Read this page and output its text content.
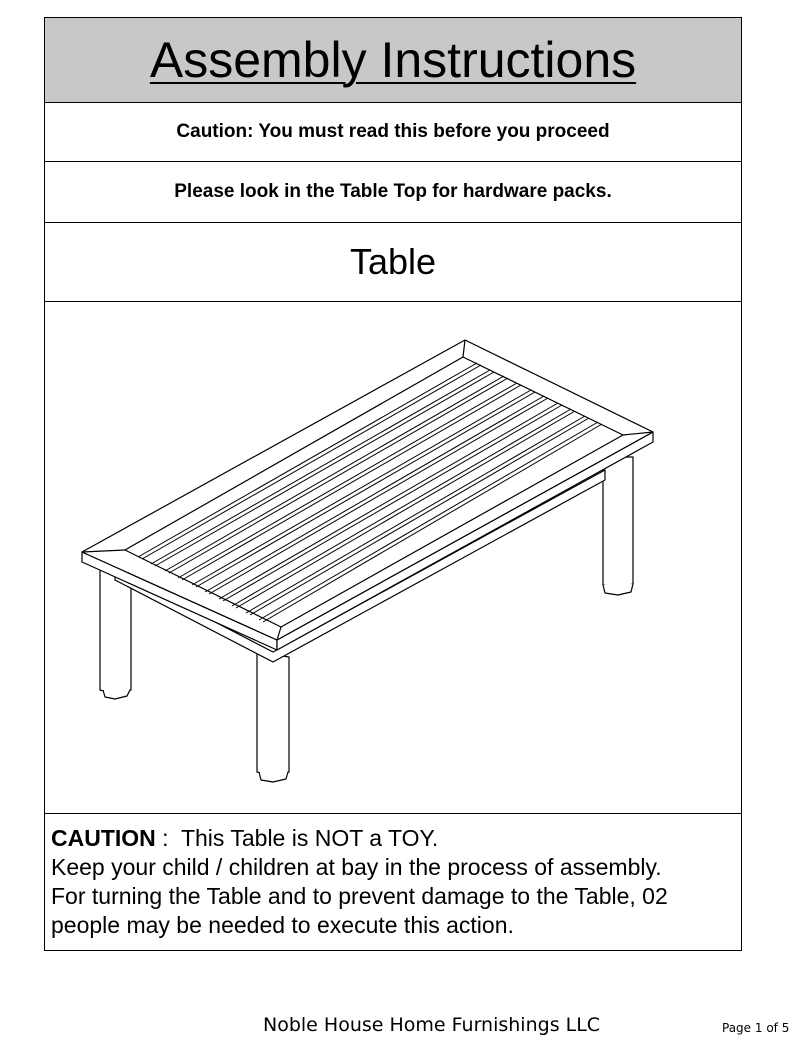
Assembly Instructions
Caution: You must read this before you proceed
Please look in the Table Top for hardware packs.
Table
CAUTION :  This Table is NOT a TOY.
Keep your child / children at bay in the process of assembly.
For turning the Table and to prevent damage to the Table, 02
people may be needed to execute this action.
Noble House Home Furnishings LLC	Page 1 of 5
